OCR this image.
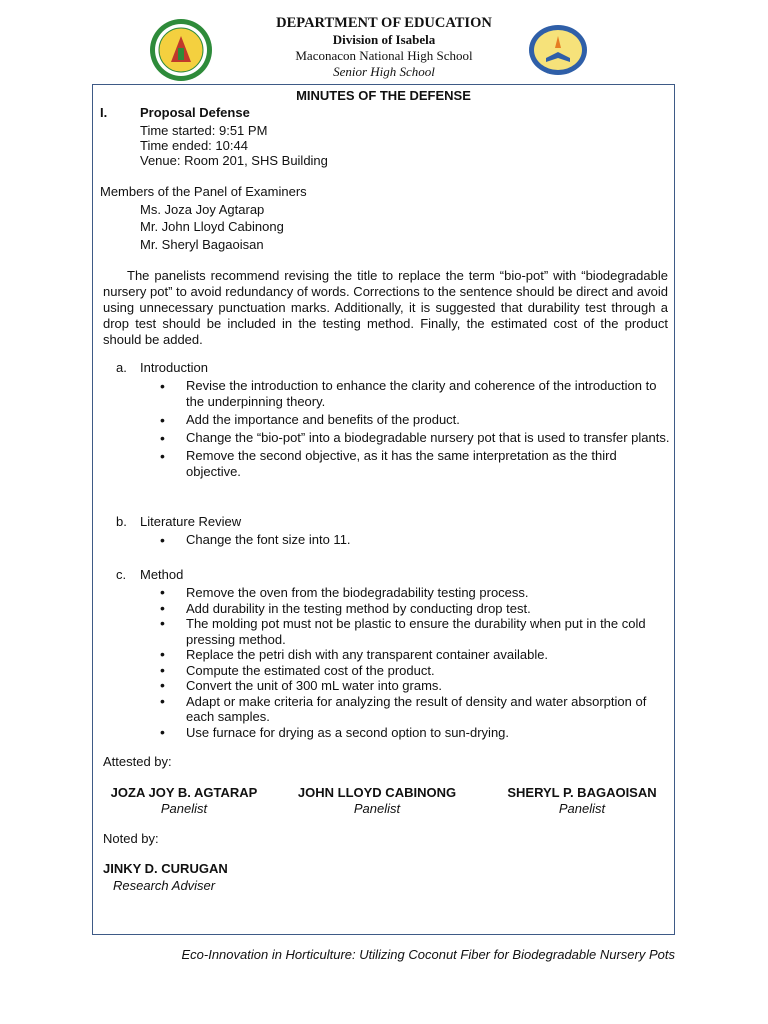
DEPARTMENT OF EDUCATION
Division of Isabela
Maconacon National High School
Senior High School
MINUTES OF THE DEFENSE
I.	Proposal Defense
Time started: 9:51 PM
Time ended: 10:44
Venue: Room 201, SHS Building
Members of the Panel of Examiners
Ms. Joza Joy Agtarap
Mr. John Lloyd Cabinong
Mr. Sheryl Bagaoisan
The panelists recommend revising the title to replace the term “bio-pot” with “biodegradable nursery pot” to avoid redundancy of words. Corrections to the sentence should be direct and avoid using unnecessary punctuation marks. Additionally, it is suggested that durability test through a drop test should be included in the testing method. Finally, the estimated cost of the product should be added.
a. Introduction
• Revise the introduction to enhance the clarity and coherence of the introduction to the underpinning theory.
• Add the importance and benefits of the product.
• Change the “bio-pot” into a biodegradable nursery pot that is used to transfer plants.
• Remove the second objective, as it has the same interpretation as the third objective.
b. Literature Review
• Change the font size into 11.
c. Method
• Remove the oven from the biodegradability testing process.
• Add durability in the testing method by conducting drop test.
• The molding pot must not be plastic to ensure the durability when put in the cold pressing method.
• Replace the petri dish with any transparent container available.
• Compute the estimated cost of the product.
• Convert the unit of 300 mL water into grams.
• Adapt or make criteria for analyzing the result of density and water absorption of each samples.
• Use furnace for drying as a second option to sun-drying.
Attested by:
JOZA JOY B. AGTARAP
Panelist
JOHN LLOYD CABINONG
Panelist
SHERYL P. BAGAOISAN
Panelist
Noted by:
JINKY D. CURUGAN
Research Adviser
Eco-Innovation in Horticulture: Utilizing Coconut Fiber for Biodegradable Nursery Pots
